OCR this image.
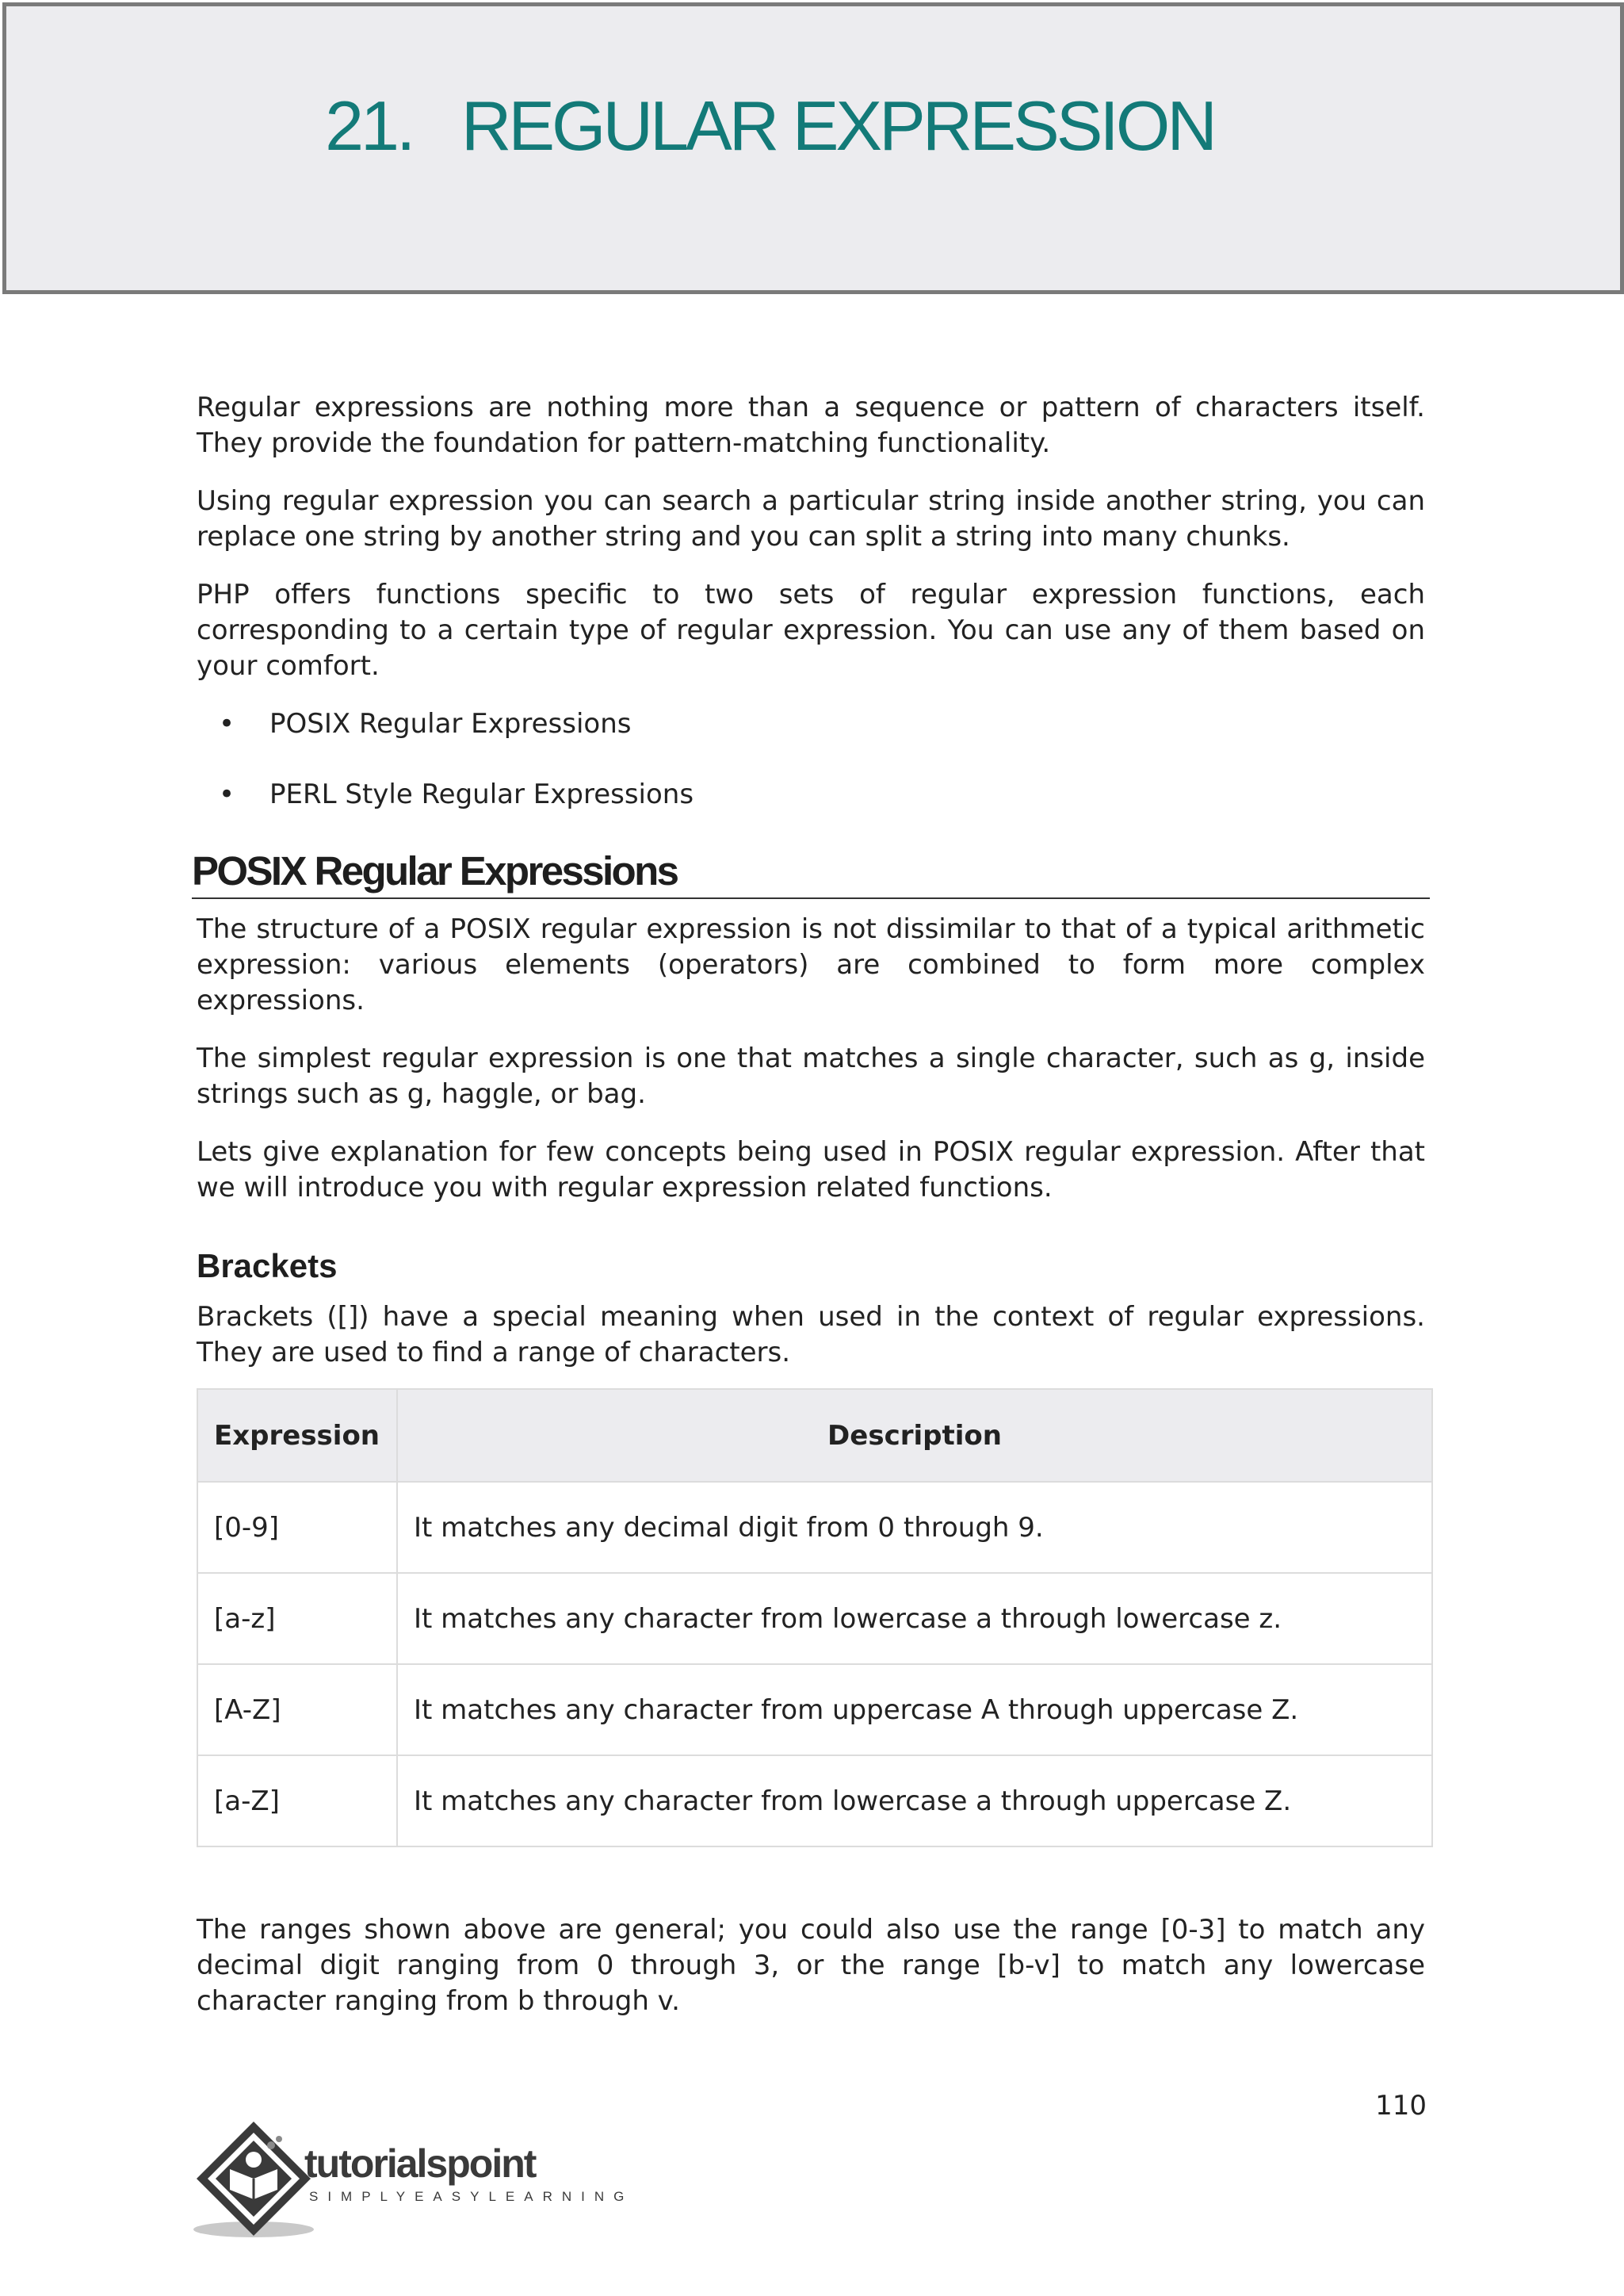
21. REGULAR EXPRESSION

Regular expressions are nothing more than a sequence or pattern of characters itself. They provide the foundation for pattern-matching functionality.

Using regular expression you can search a particular string inside another string, you can replace one string by another string and you can split a string into many chunks.

PHP offers functions specific to two sets of regular expression functions, each corresponding to a certain type of regular expression. You can use any of them based on your comfort.

• POSIX Regular Expressions
• PERL Style Regular Expressions
POSIX Regular Expressions

The structure of a POSIX regular expression is not dissimilar to that of a typical arithmetic expression: various elements (operators) are combined to form more complex expressions.

The simplest regular expression is one that matches a single character, such as g, inside strings such as g, haggle, or bag.

Lets give explanation for few concepts being used in POSIX regular expression. After that we will introduce you with regular expression related functions.

Brackets

Brackets ([]) have a special meaning when used in the context of regular expressions. They are used to find a range of characters.

Expression	Description
[0-9]	It matches any decimal digit from 0 through 9.
[a-z]	It matches any character from lowercase a through lowercase z.
[A-Z]	It matches any character from uppercase A through uppercase Z.
[a-Z]	It matches any character from lowercase a through uppercase Z.

The ranges shown above are general; you could also use the range [0-3] to match any decimal digit ranging from 0 through 3, or the range [b-v] to match any lowercase character ranging from b through v.

110
tutorialspoint
SIMPLYEASYLEARNING
